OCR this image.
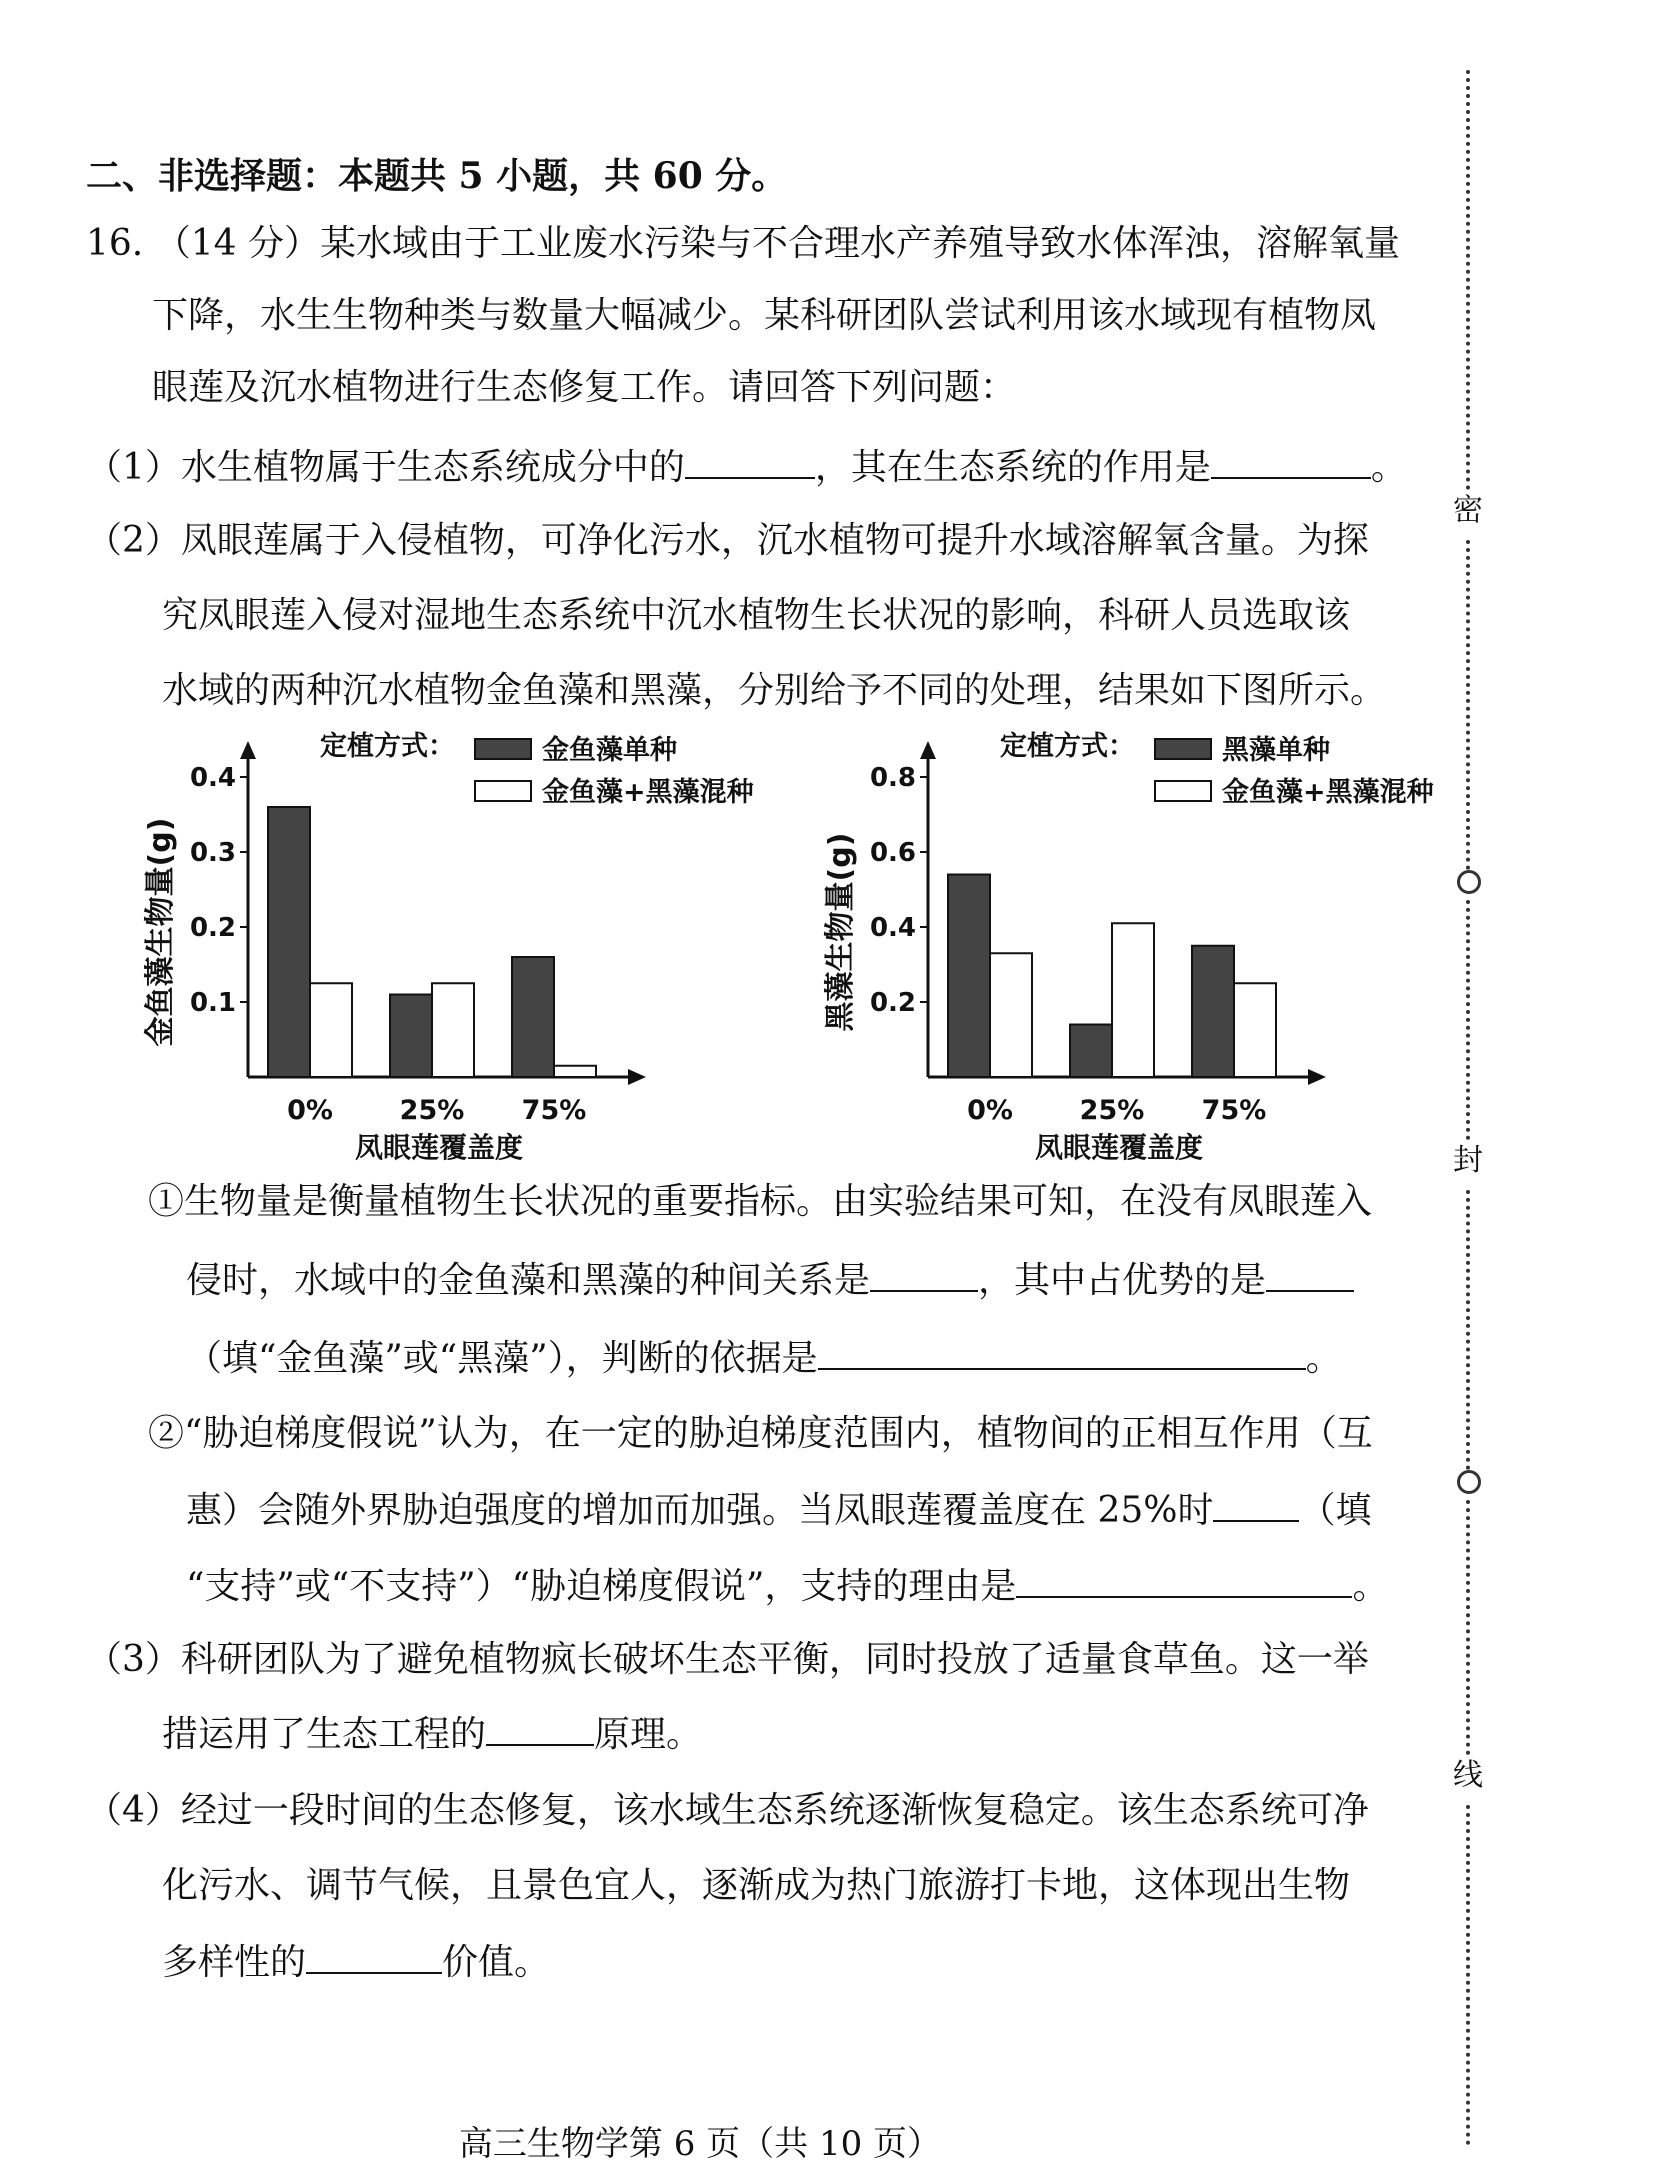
二、非选择题：本题共 5 小题，共 60 分。
16. （14 分）某水域由于工业废水污染与不合理水产养殖导致水体浑浊，溶解氧量
下降，水生生物种类与数量大幅减少。某科研团队尝试利用该水域现有植物凤
眼莲及沉水植物进行生态修复工作。请回答下列问题：
（1）水生植物属于生态系统成分中的	，其在生态系统的作用是	。
（2）凤眼莲属于入侵植物，可净化污水，沉水植物可提升水域溶解氧含量。为探
究凤眼莲入侵对湿地生态系统中沉水植物生长状况的影响，科研人员选取该
水域的两种沉水植物金鱼藻和黑藻，分别给予不同的处理，结果如下图所示。
0.1
0.2
0.3
0.4
金鱼藻生物量(g)
0% 25% 75%
凤眼莲覆盖度
定植方式：	金鱼藻单种
金鱼藻+黑藻混种
0.2
0.4
0.6
0.8
黑藻生物量(g)
0% 25% 75%
凤眼莲覆盖度
定植方式：	黑藻单种
金鱼藻+黑藻混种
①生物量是衡量植物生长状况的重要指标。由实验结果可知，在没有凤眼莲入
侵时，水域中的金鱼藻和黑藻的种间关系是	，其中占优势的是
（填“金鱼藻”或“黑藻”），判断的依据是	。
②“胁迫梯度假说”认为，在一定的胁迫梯度范围内，植物间的正相互作用（互
惠）会随外界胁迫强度的增加而加强。当凤眼莲覆盖度在 25%时 （填
“支持”或“不支持”）“胁迫梯度假说”，支持的理由是	。
（3）科研团队为了避免植物疯长破坏生态平衡，同时投放了适量食草鱼。这一举
措运用了生态工程的	原理。
（4）经过一段时间的生态修复，该水域生态系统逐渐恢复稳定。该生态系统可净
化污水、调节气候，且景色宜人，逐渐成为热门旅游打卡地，这体现出生物
多样性的	价值。
密
封
线
高三生物学第 6 页（共 10 页）
